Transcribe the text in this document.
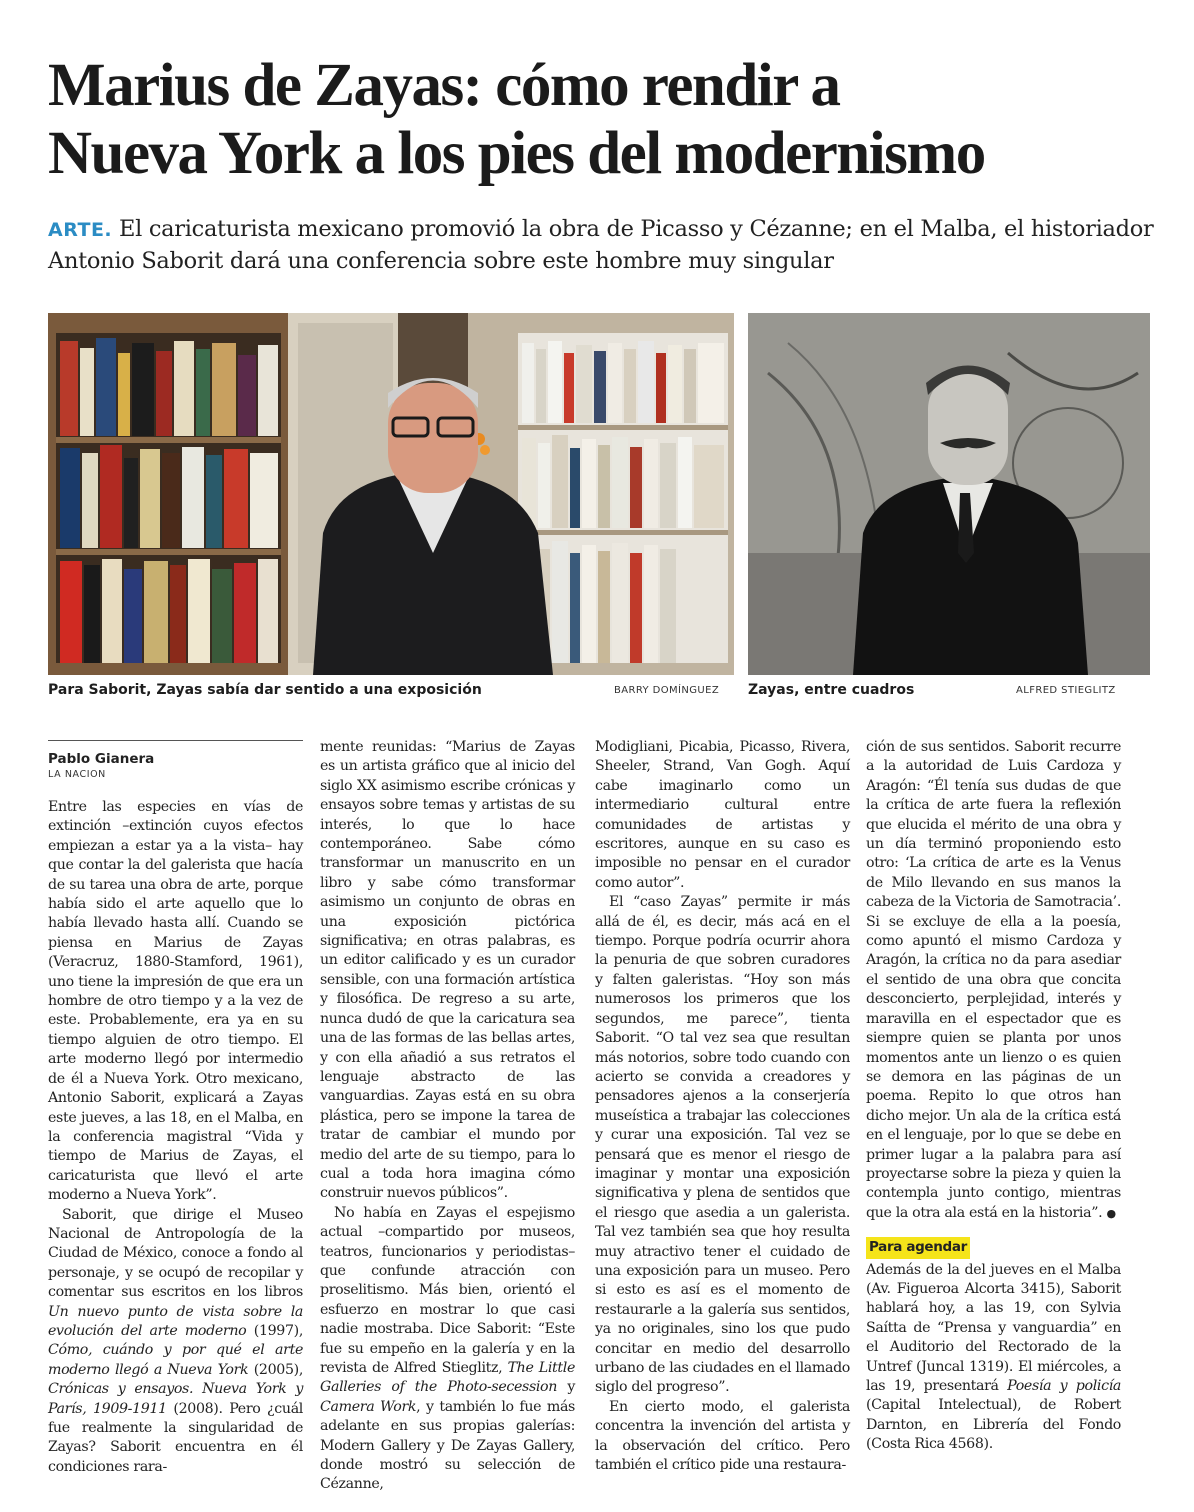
Marius de Zayas: cómo rendir a
Nueva York a los pies del modernismo

ARTE. El caricaturista mexicano promovió la obra de Picasso y Cézanne; en el Malba, el historiador Antonio Saborit dará una conferencia sobre este hombre muy singular

Para Saborit, Zayas sabía dar sentido a una exposición	BARRY DOMÍNGUEZ Zayas, entre cuadros	ALFRED STIEGLITZ
Pablo Gianera
LA NACION

Entre las especies en vías de extinción –extinción cuyos efectos empiezan a estar ya a la vista– hay que contar la del galerista que hacía de su tarea una obra de arte, porque había sido el arte aquello que lo había llevado hasta allí. Cuando se piensa en Marius de Zayas (Veracruz, 1880-Stamford, 1961), uno tiene la impresión de que era un hombre de otro tiempo y a la vez de este. Probablemente, era ya en su tiempo alguien de otro tiempo. El arte moderno llegó por intermedio de él a Nueva York. Otro mexicano, Antonio Saborit, explicará a Zayas este jueves, a las 18, en el Malba, en la conferencia magistral “Vida y tiempo de Marius de Zayas, el caricaturista que llevó el arte moderno a Nueva York”.

Saborit, que dirige el Museo Nacional de Antropología de la Ciudad de México, conoce a fondo al personaje, y se ocupó de recopilar y comentar sus escritos en los libros Un nuevo punto de vista sobre la evolución del arte moderno (1997), Cómo, cuándo y por qué el arte moderno llegó a Nueva York (2005), Crónicas y ensayos. Nueva York y París, 1909-1911 (2008). Pero ¿cuál fue realmente la singularidad de Zayas? Saborit encuentra en él condiciones rara-

mente reunidas: “Marius de Zayas es un artista gráfico que al inicio del siglo XX asimismo escribe crónicas y ensayos sobre temas y artistas de su interés, lo que lo hace contemporáneo. Sabe cómo transformar un manuscrito en un libro y sabe cómo transformar asimismo un conjunto de obras en una exposición pictórica significativa; en otras palabras, es un editor calificado y es un curador sensible, con una formación artística y filosófica. De regreso a su arte, nunca dudó de que la caricatura sea una de las formas de las bellas artes, y con ella añadió a sus retratos el lenguaje abstracto de las vanguardias. Zayas está en su obra plástica, pero se impone la tarea de tratar de cambiar el mundo por medio del arte de su tiempo, para lo cual a toda hora imagina cómo construir nuevos públicos”.

No había en Zayas el espejismo actual –compartido por museos, teatros, funcionarios y periodistas– que confunde atracción con proselitismo. Más bien, orientó el esfuerzo en mostrar lo que casi nadie mostraba. Dice Saborit: “Este fue su empeño en la galería y en la revista de Alfred Stieglitz, The Little Galleries of the Photo-secession y Camera Work, y también lo fue más adelante en sus propias galerías: Modern Gallery y De Zayas Gallery, donde mostró su selección de Cézanne,

Modigliani, Picabia, Picasso, Rivera, Sheeler, Strand, Van Gogh. Aquí cabe imaginarlo como un intermediario cultural entre comunidades de artistas y escritores, aunque en su caso es imposible no pensar en el curador como autor”.

El “caso Zayas” permite ir más allá de él, es decir, más acá en el tiempo. Porque podría ocurrir ahora la penuria de que sobren curadores y falten galeristas. “Hoy son más numerosos los primeros que los segundos, me parece”, tienta Saborit. “O tal vez sea que resultan más notorios, sobre todo cuando con acierto se convida a creadores y pensadores ajenos a la conserjería museística a trabajar las colecciones y curar una exposición. Tal vez se pensará que es menor el riesgo de imaginar y montar una exposición significativa y plena de sentidos que el riesgo que asedia a un galerista. Tal vez también sea que hoy resulta muy atractivo tener el cuidado de una exposición para un museo. Pero si esto es así es el momento de restaurarle a la galería sus sentidos, ya no originales, sino los que pudo concitar en medio del desarrollo urbano de las ciudades en el llamado siglo del progreso”.

En cierto modo, el galerista concentra la invención del artista y la observación del crítico. Pero también el crítico pide una restaura-

ción de sus sentidos. Saborit recurre a la autoridad de Luis Cardoza y Aragón: “Él tenía sus dudas de que la crítica de arte fuera la reflexión que elucida el mérito de una obra y un día terminó proponiendo esto otro: ‘La crítica de arte es la Venus de Milo llevando en sus manos la cabeza de la Victoria de Samotracia’. Si se excluye de ella a la poesía, como apuntó el mismo Cardoza y Aragón, la crítica no da para asediar el sentido de una obra que concita desconcierto, perplejidad, interés y maravilla en el espectador que es siempre quien se planta por unos momentos ante un lienzo o es quien se demora en las páginas de un poema. Repito lo que otros han dicho mejor. Un ala de la crítica está en el lenguaje, por lo que se debe en primer lugar a la palabra para así proyectarse sobre la pieza y quien la contempla junto contigo, mientras que la otra ala está en la historia”. ●

Para agendar

Además de la del jueves en el Malba (Av. Figueroa Alcorta 3415), Saborit hablará hoy, a las 19, con Sylvia Saítta de “Prensa y vanguardia” en el Auditorio del Rectorado de la Untref (Juncal 1319). El miércoles, a las 19, presentará Poesía y policía (Capital Intelectual), de Robert Darnton, en Librería del Fondo (Costa Rica 4568).
